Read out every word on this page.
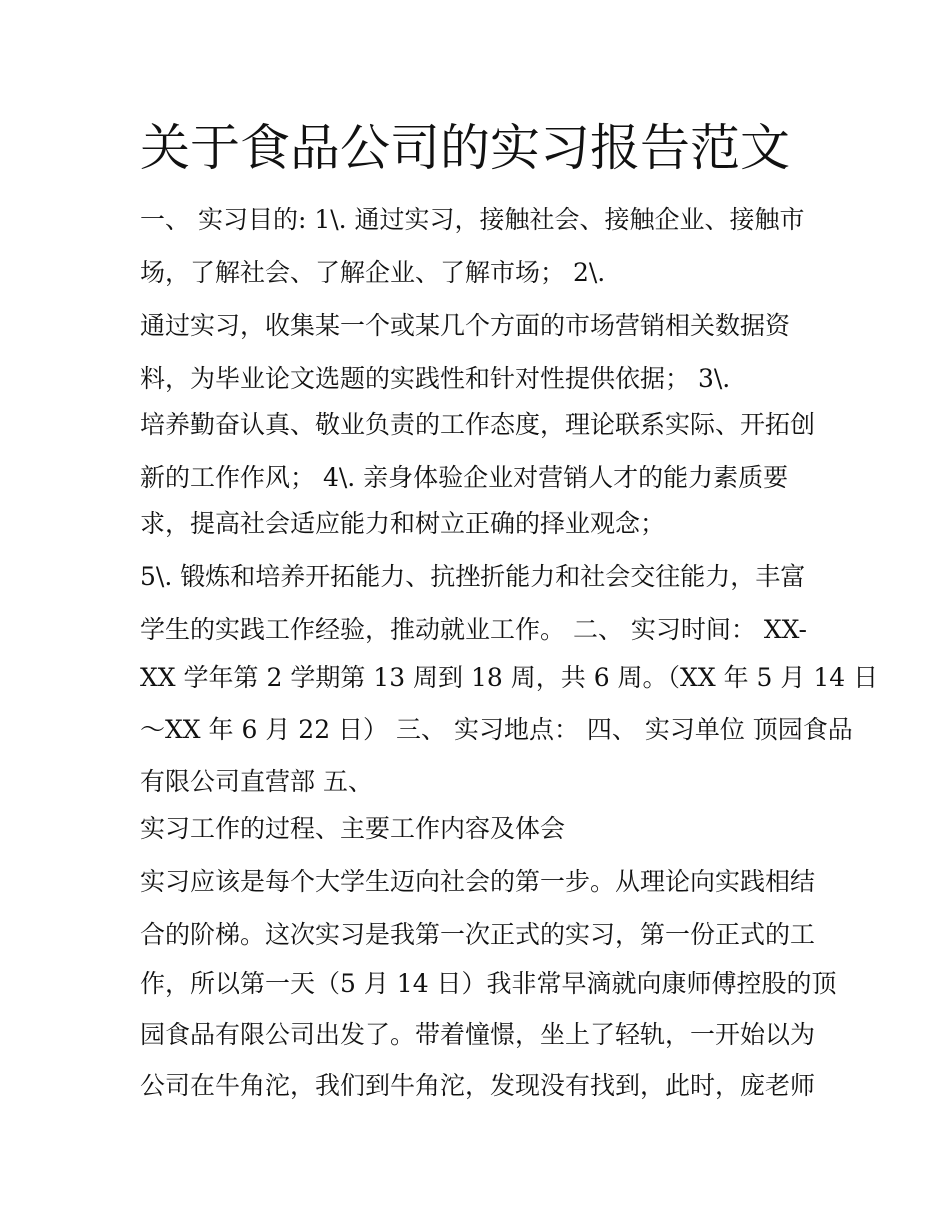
关于食品公司的实习报告范文

一、 实习目的: 1\. 通过实习，接触社会、接触企业、接触市

场，了解社会、了解企业、了解市场； 2\.

通过实习，收集某一个或某几个方面的市场营销相关数据资

料，为毕业论文选题的实践性和针对性提供依据； 3\.

培养勤奋认真、敬业负责的工作态度，理论联系实际、开拓创

新的工作作风； 4\. 亲身体验企业对营销人才的能力素质要

求，提高社会适应能力和树立正确的择业观念；

5\. 锻炼和培养开拓能力、抗挫折能力和社会交往能力，丰富

学生的实践工作经验，推动就业工作。 二、 实习时间： XX-

XX 学年第 2 学期第 13 周到 18 周，共 6 周。（XX 年 5 月 14 日

～XX 年 6 月 22 日） 三、 实习地点： 四、 实习单位 顶园食品

有限公司直营部 五、

实习工作的过程、主要工作内容及体会

实习应该是每个大学生迈向社会的第一步。从理论向实践相结

合的阶梯。这次实习是我第一次正式的实习，第一份正式的工

作，所以第一天（5 月 14 日）我非常早滴就向康师傅控股的顶

园食品有限公司出发了。带着憧憬，坐上了轻轨，一开始以为

公司在牛角沱，我们到牛角沱，发现没有找到，此时，庞老师
